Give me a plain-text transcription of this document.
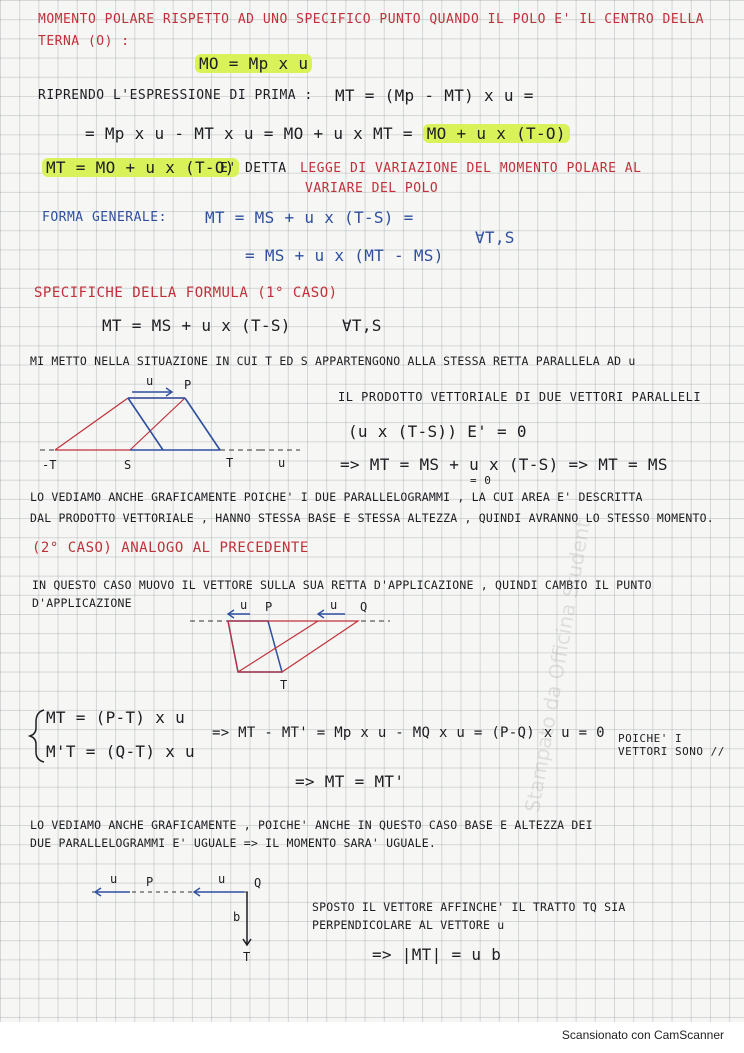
MOMENTO POLARE RISPETTO AD UNO SPECIFICO PUNTO QUANDO IL POLO E' IL CENTRO DELLA
TERNA (O) :
MO = Mp x u
RIPRENDO L'ESPRESSIONE DI PRIMA : MT = (Mp - MT) x u =
= Mp x u - MT x u = MO + u x MT = MO + u x (T-O)
MT = MO + u x (T-O)
E' DETTA LEGGE DI VARIAZIONE DEL MOMENTO POLARE AL
VARIARE DEL POLO
FORMA GENERALE: MT = MS + u x (T-S) =
= MS + u x (MT - MS)
∀T,S
SPECIFICHE DELLA FORMULA (1° CASO)
MT = MS + u x (T-S)	∀T,S
MI METTO NELLA SITUAZIONE IN CUI T ED S APPARTENGONO ALLA STESSA RETTA PARALLELA AD u
u	P
-T	S	T	u
IL PRODOTTO VETTORIALE DI DUE VETTORI PARALLELI
(u x (T-S)) E' = 0
=> MT = MS + u x (T-S) => MT = MS
= 0
LO VEDIAMO ANCHE GRAFICAMENTE POICHE' I DUE PARALLELOGRAMMI , LA CUI AREA E' DESCRITTA
DAL PRODOTTO VETTORIALE , HANNO STESSA BASE E STESSA ALTEZZA , QUINDI AVRANNO LO STESSO MOMENTO.
(2° CASO) ANALOGO AL PRECEDENTE
IN QUESTO CASO MUOVO IL VETTORE SULLA SUA RETTA D'APPLICAZIONE , QUINDI CAMBIO IL PUNTO
D'APPLICAZIONE	u P	u Q
T
MT = (P-T) x u
M'T = (Q-T) x u
=> MT - MT' = Mp x u - MQ x u = (P-Q) x u = 0 POICHE' I VETTORI SONO //
=> MT = MT'
LO VEDIAMO ANCHE GRAFICAMENTE , POICHE' ANCHE IN QUESTO CASO BASE E ALTEZZA DEI
DUE PARALLELOGRAMMI E' UGUALE => IL MOMENTO SARA' UGUALE.
u P	u Q
b
T
SPOSTO IL VETTORE AFFINCHE' IL TRATTO TQ SIA
PERPENDICOLARE AL VETTORE u
=> |MT| = u b
Stampato da Officina Student
Scansionato con CamScanner
